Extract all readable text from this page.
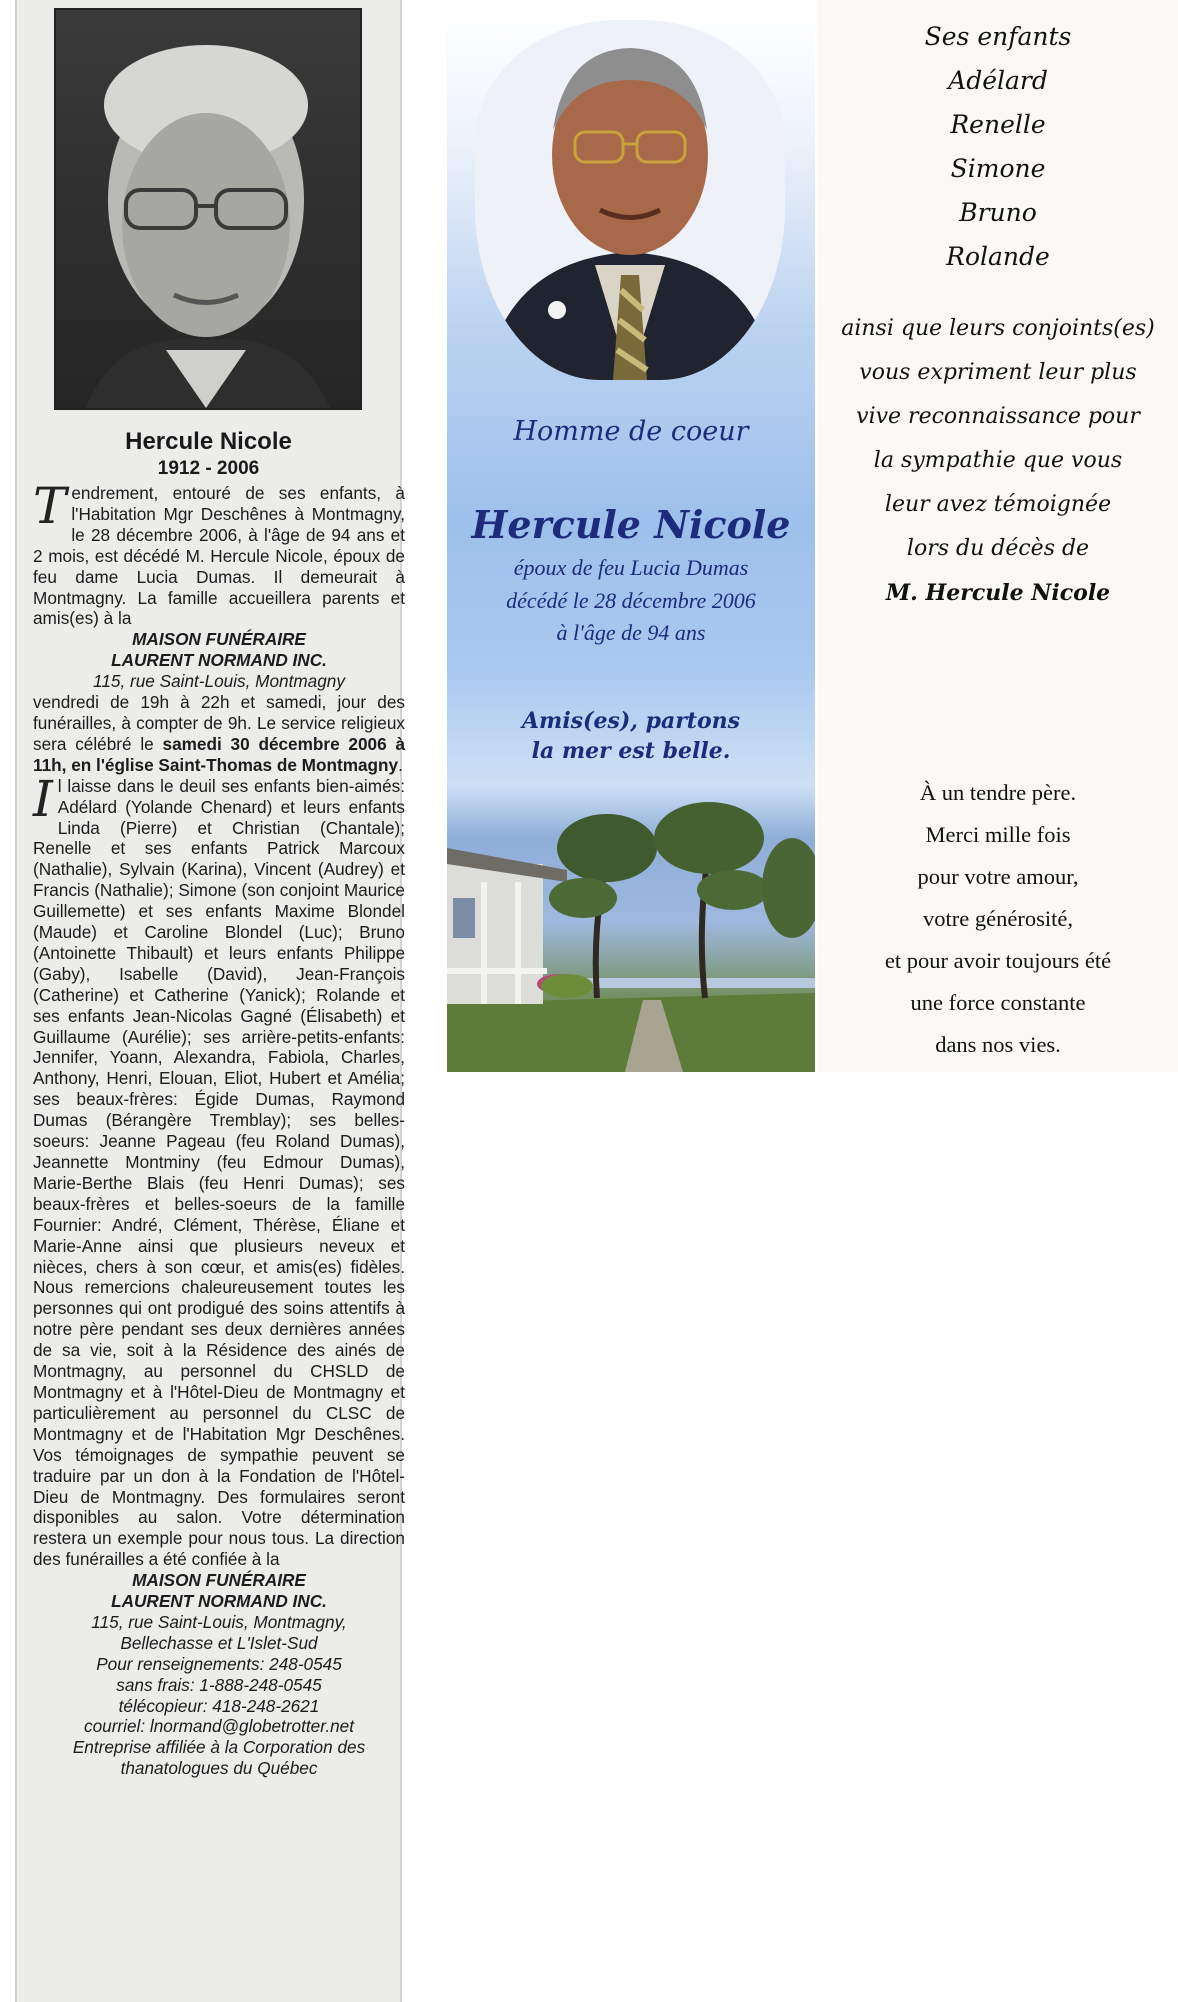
Hercule Nicole
1912 - 2006

Tendrement, entouré de ses enfants, à l'Habitation Mgr Deschênes à Montmagny, le 28 décembre 2006, à l'âge de 94 ans et 2 mois, est décédé M. Hercule Nicole, époux de feu dame Lucia Dumas. Il demeurait à Montmagny. La famille accueillera parents et amis(es) à la

MAISON FUNÉRAIRE

LAURENT NORMAND INC.

115, rue Saint-Louis, Montmagny

vendredi de 19h à 22h et samedi, jour des funérailles, à compter de 9h. Le service religieux sera célébré le samedi 30 décembre 2006 à 11h, en l'église Saint-Thomas de Montmagny.

Il laisse dans le deuil ses enfants bien-aimés: Adélard (Yolande Chenard) et leurs enfants Linda (Pierre) et Christian (Chantale); Renelle et ses enfants Patrick Marcoux (Nathalie), Sylvain (Karina), Vincent (Audrey) et Francis (Nathalie); Simone (son conjoint Maurice Guillemette) et ses enfants Maxime Blondel (Maude) et Caroline Blondel (Luc); Bruno (Antoinette Thibault) et leurs enfants Philippe (Gaby), Isabelle (David), Jean-François (Catherine) et Catherine (Yanick); Rolande et ses enfants Jean-Nicolas Gagné (Élisabeth) et Guillaume (Aurélie); ses arrière-petits-enfants: Jennifer, Yoann, Alexandra, Fabiola, Charles, Anthony, Henri, Elouan, Eliot, Hubert et Amélia; ses beaux-frères: Égide Dumas, Raymond Dumas (Bérangère Tremblay); ses belles-soeurs: Jeanne Pageau (feu Roland Dumas), Jeannette Montminy (feu Edmour Dumas), Marie-Berthe Blais (feu Henri Dumas); ses beaux-frères et belles-soeurs de la famille Fournier: André, Clément, Thérèse, Éliane et Marie-Anne ainsi que plusieurs neveux et nièces, chers à son cœur, et amis(es) fidèles. Nous remercions chaleureusement toutes les personnes qui ont prodigué des soins attentifs à notre père pendant ses deux dernières années de sa vie, soit à la Résidence des ainés de Montmagny, au personnel du CHSLD de Montmagny et à l'Hôtel-Dieu de Montmagny et particulièrement au personnel du CLSC de Montmagny et de l'Habitation Mgr Deschênes. Vos témoignages de sympathie peuvent se traduire par un don à la Fondation de l'Hôtel-Dieu de Montmagny. Des formulaires seront disponibles au salon. Votre détermination restera un exemple pour nous tous. La direction des funérailles a été confiée à la

MAISON FUNÉRAIRE

LAURENT NORMAND INC.

115, rue Saint-Louis, Montmagny,

Bellechasse et L'Islet-Sud

Pour renseignements: 248-0545

sans frais: 1-888-248-0545

télécopieur: 418-248-2621

courriel: lnormand@globetrotter.net

Entreprise affiliée à la Corporation des

thanatologues du Québec

Homme de coeur
Hercule Nicole
époux de feu Lucia Dumas
décédé le 28 décembre 2006
à l'âge de 94 ans
Amis(es), partons
la mer est belle.
Ses enfants
Adélard
Renelle
Simone
Bruno
Rolande
ainsi que leurs conjoints(es)
vous expriment leur plus
vive reconnaissance pour
la sympathie que vous
leur avez témoignée
lors du décès de
M. Hercule Nicole
À un tendre père.
Merci mille fois
pour votre amour,
votre générosité,
et pour avoir toujours été
une force constante
dans nos vies.
